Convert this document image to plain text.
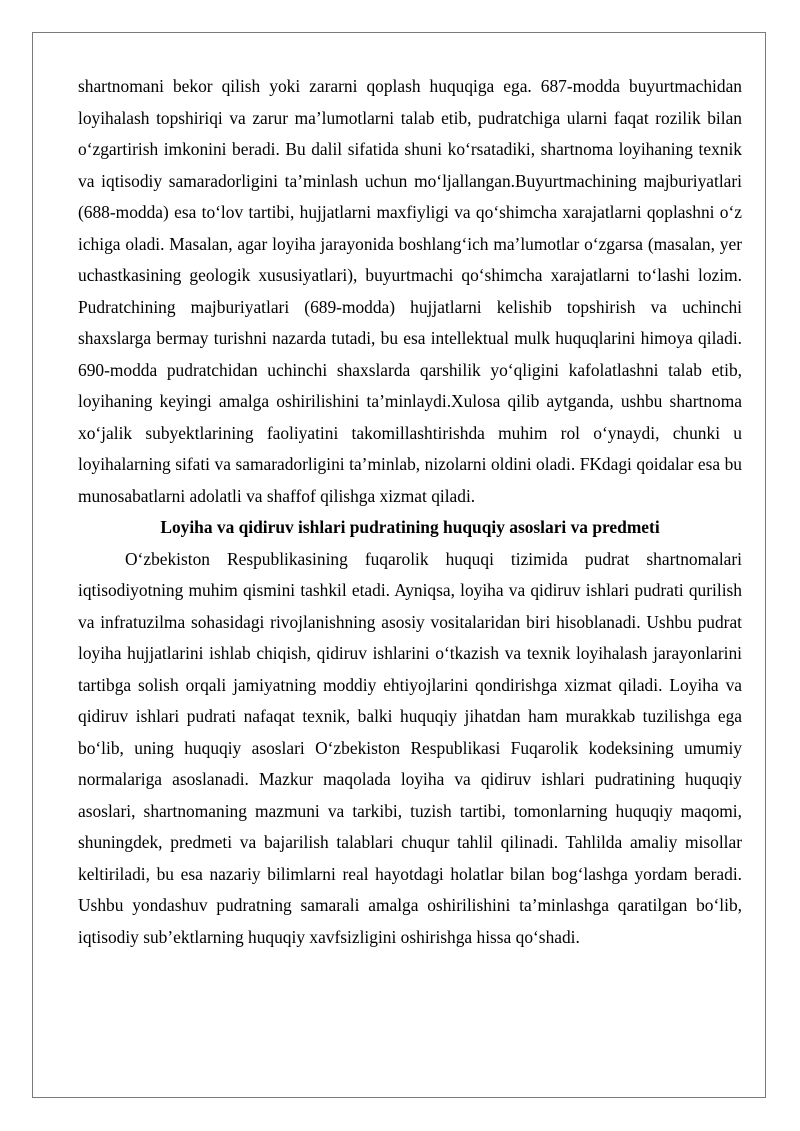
shartnomani bekor qilish yoki zararni qoplash huquqiga ega. 687-modda buyurtmachidan loyihalash topshiriqi va zarur ma’lumotlarni talab etib, pudratchiga ularni faqat rozilik bilan o‘zgartirish imkonini beradi. Bu dalil sifatida shuni ko‘rsatadiki, shartnoma loyihaning texnik va iqtisodiy samaradorligini ta’minlash uchun mo‘ljallangan.Buyurtmachining majburiyatlari (688-modda) esa to‘lov tartibi, hujjatlarni maxfiyligi va qo‘shimcha xarajatlarni qoplashni o‘z ichiga oladi. Masalan, agar loyiha jarayonida boshlang‘ich ma’lumotlar o‘zgarsa (masalan, yer uchastkasining geologik xususiyatlari), buyurtmachi qo‘shimcha xarajatlarni to‘lashi lozim. Pudratchining majburiyatlari (689-modda) hujjatlarni kelishib topshirish va uchinchi shaxslarga bermay turishni nazarda tutadi, bu esa intellektual mulk huquqlarini himoya qiladi. 690-modda pudratchidan uchinchi shaxslarda qarshilik yo‘qligini kafolatlashni talab etib, loyihaning keyingi amalga oshirilishini ta’minlaydi.Xulosa qilib aytganda, ushbu shartnoma xo‘jalik subyektlarining faoliyatini takomillashtirishda muhim rol o‘ynaydi, chunki u loyihalarning sifati va samaradorligini ta’minlab, nizolarni oldini oladi. FKdagi qoidalar esa bu munosabatlarni adolatli va shaffof qilishga xizmat qiladi.

Loyiha va qidiruv ishlari pudratining huquqiy asoslari va predmeti

O‘zbekiston Respublikasining fuqarolik huquqi tizimida pudrat shartnomalari iqtisodiyotning muhim qismini tashkil etadi. Ayniqsa, loyiha va qidiruv ishlari pudrati qurilish va infratuzilma sohasidagi rivojlanishning asosiy vositalaridan biri hisoblanadi. Ushbu pudrat loyiha hujjatlarini ishlab chiqish, qidiruv ishlarini o‘tkazish va texnik loyihalash jarayonlarini tartibga solish orqali jamiyatning moddiy ehtiyojlarini qondirishga xizmat qiladi. Loyiha va qidiruv ishlari pudrati nafaqat texnik, balki huquqiy jihatdan ham murakkab tuzilishga ega bo‘lib, uning huquqiy asoslari O‘zbekiston Respublikasi Fuqarolik kodeksining umumiy normalariga asoslanadi. Mazkur maqolada loyiha va qidiruv ishlari pudratining huquqiy asoslari, shartnomaning mazmuni va tarkibi, tuzish tartibi, tomonlarning huquqiy maqomi, shuningdek, predmeti va bajarilish talablari chuqur tahlil qilinadi. Tahlilda amaliy misollar keltiriladi, bu esa nazariy bilimlarni real hayotdagi holatlar bilan bog‘lashga yordam beradi. Ushbu yondashuv pudratning samarali amalga oshirilishini ta’minlashga qaratilgan bo‘lib, iqtisodiy sub’ektlarning huquqiy xavfsizligini oshirishga hissa qo‘shadi.
